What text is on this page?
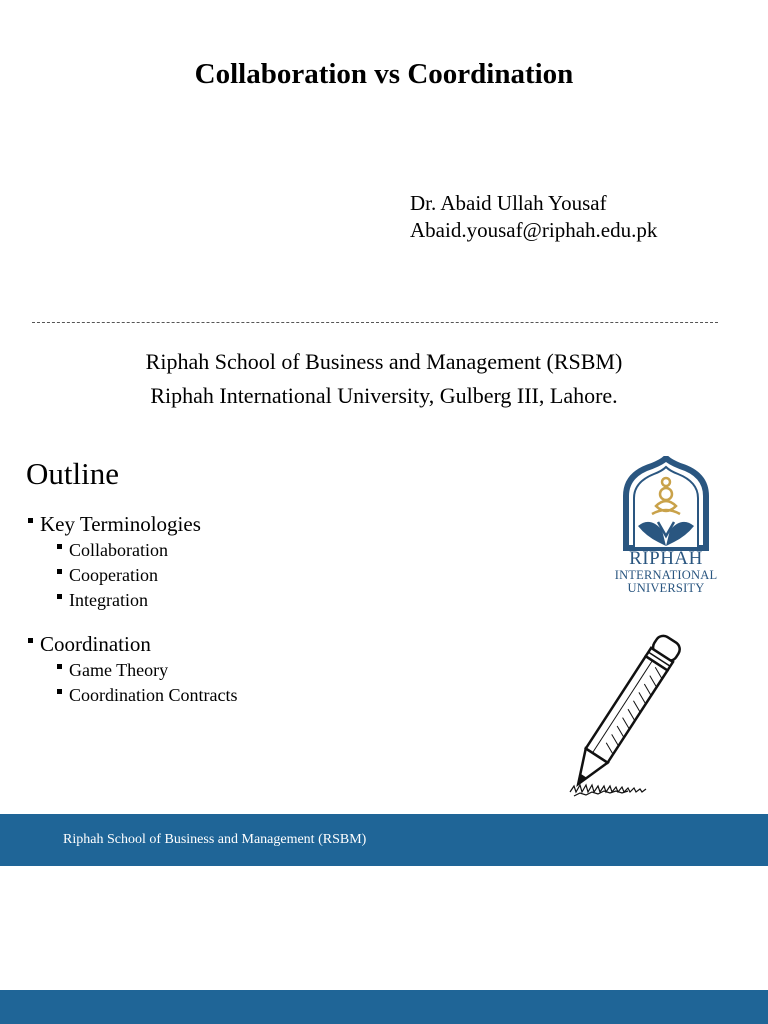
Collaboration vs Coordination
Dr. Abaid Ullah Yousaf
Abaid.yousaf@riphah.edu.pk
Riphah School of Business and Management (RSBM)
Riphah International University, Gulberg III, Lahore.
Outline
Key Terminologies
Collaboration
Cooperation
Integration
Coordination
Game Theory
Coordination Contracts
RIPHAH
INTERNATIONAL
UNIVERSITY
Riphah School of Business and Management (RSBM)
